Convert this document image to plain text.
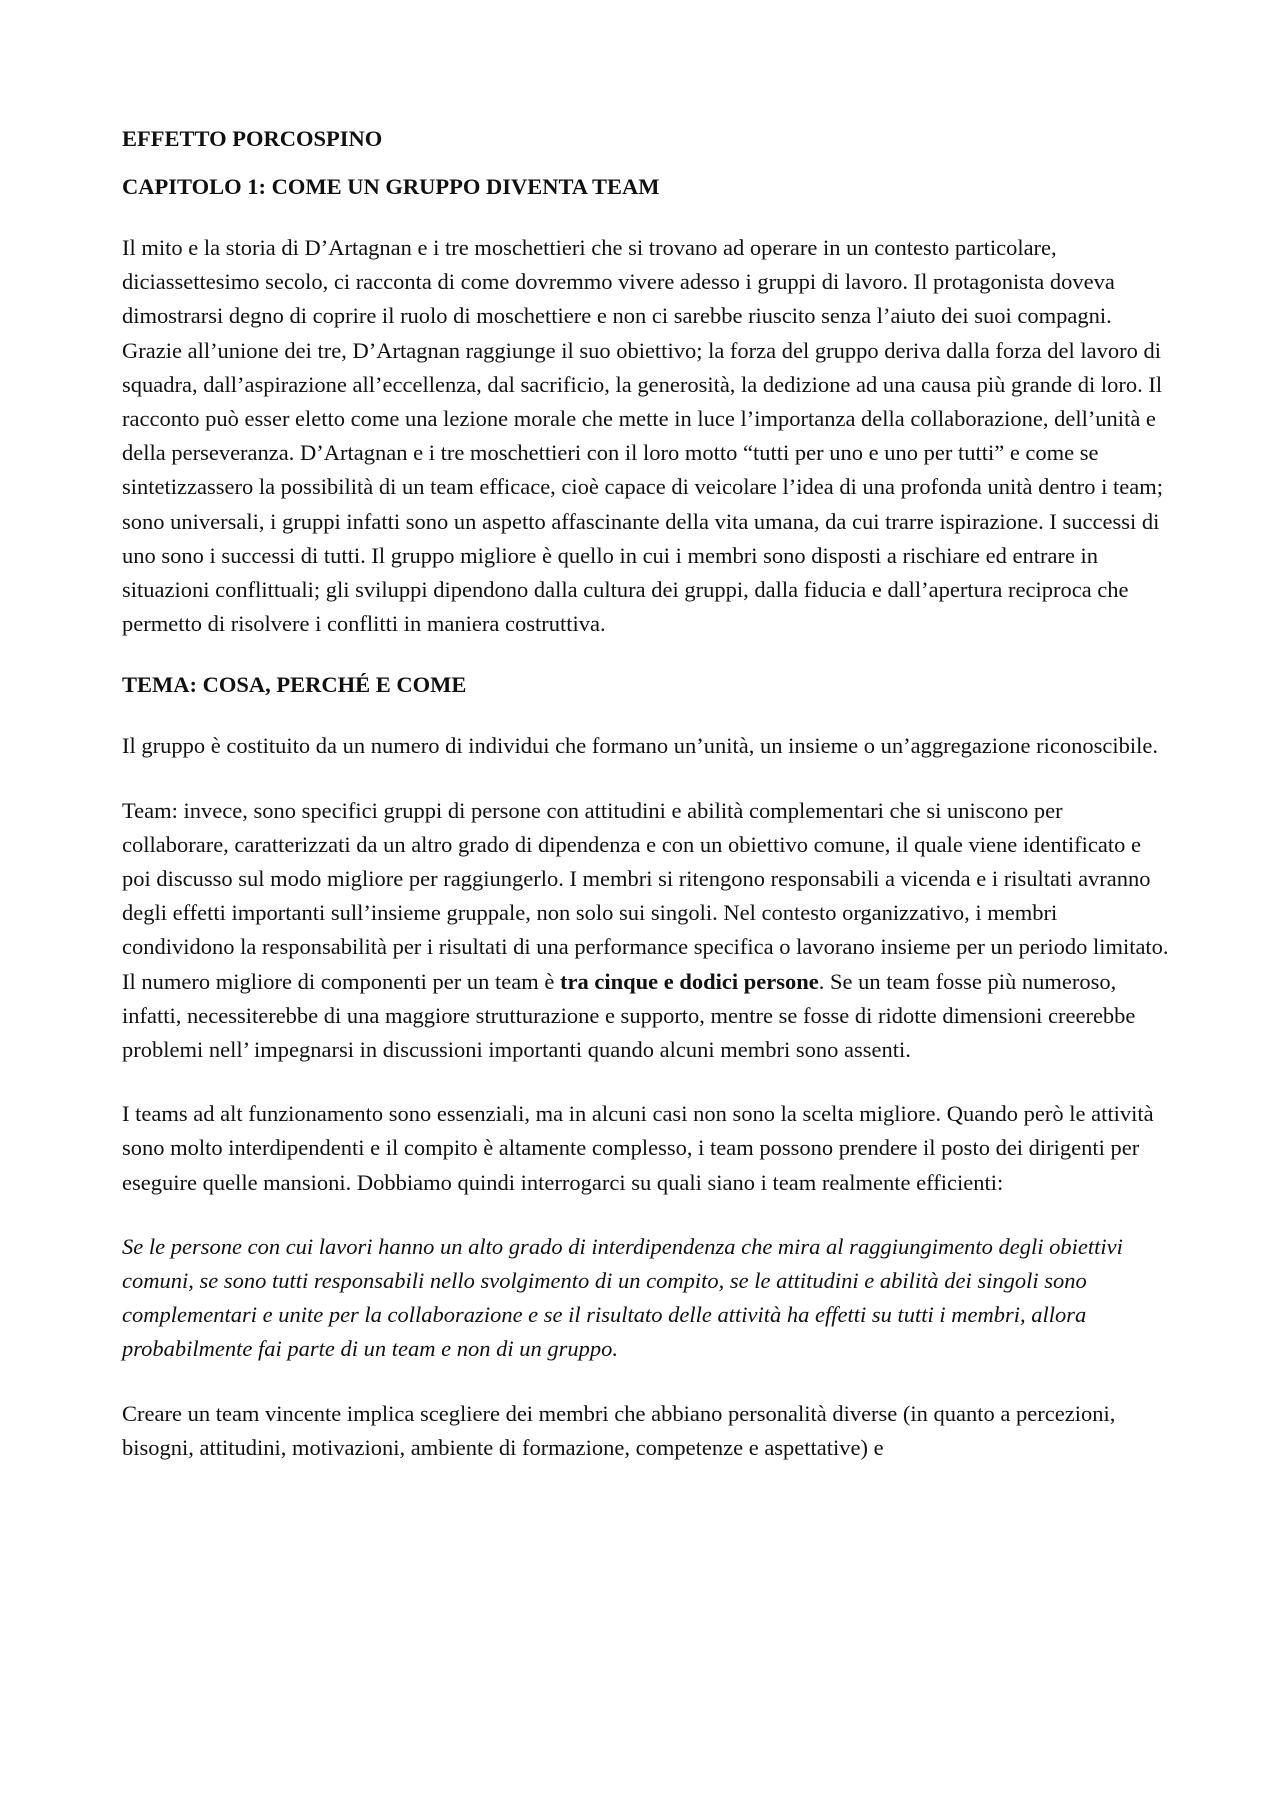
EFFETTO PORCOSPINO

CAPITOLO 1: COME UN GRUPPO DIVENTA TEAM

Il mito e la storia di D’Artagnan e i tre moschettieri che si trovano ad operare in un contesto particolare, diciassettesimo secolo, ci racconta di come dovremmo vivere adesso i gruppi di lavoro. Il protagonista doveva dimostrarsi degno di coprire il ruolo di moschettiere e non ci sarebbe riuscito senza l’aiuto dei suoi compagni. Grazie all’unione dei tre, D’Artagnan raggiunge il suo obiettivo; la forza del gruppo deriva dalla forza del lavoro di squadra, dall’aspirazione all’eccellenza, dal sacrificio, la generosità, la dedizione ad una causa più grande di loro. Il racconto può esser eletto come una lezione morale che mette in luce l’importanza della collaborazione, dell’unità e della perseveranza. D’Artagnan e i tre moschettieri con il loro motto “tutti per uno e uno per tutti” e come se sintetizzassero la possibilità di un team efficace, cioè capace di veicolare l’idea di una profonda unità dentro i team; sono universali, i gruppi infatti sono un aspetto affascinante della vita umana, da cui trarre ispirazione. I successi di uno sono i successi di tutti. Il gruppo migliore è quello in cui i membri sono disposti a rischiare ed entrare in situazioni conflittuali; gli sviluppi dipendono dalla cultura dei gruppi, dalla fiducia e dall’apertura reciproca che permetto di risolvere i conflitti in maniera costruttiva.

TEMA: COSA, PERCHÉ E COME

Il gruppo è costituito da un numero di individui che formano un’unità, un insieme o un’aggregazione riconoscibile.

Team: invece, sono specifici gruppi di persone con attitudini e abilità complementari che si uniscono per collaborare, caratterizzati da un altro grado di dipendenza e con un obiettivo comune, il quale viene identificato e poi discusso sul modo migliore per raggiungerlo. I membri si ritengono responsabili a vicenda e i risultati avranno degli effetti importanti sull’insieme gruppale, non solo sui singoli. Nel contesto organizzativo, i membri condividono la responsabilità per i risultati di una performance specifica o lavorano insieme per un periodo limitato. Il numero migliore di componenti per un team è tra cinque e dodici persone. Se un team fosse più numeroso, infatti, necessiterebbe di una maggiore strutturazione e supporto, mentre se fosse di ridotte dimensioni creerebbe problemi nell’ impegnarsi in discussioni importanti quando alcuni membri sono assenti.

I teams ad alt funzionamento sono essenziali, ma in alcuni casi non sono la scelta migliore. Quando però le attività sono molto interdipendenti e il compito è altamente complesso, i team possono prendere il posto dei dirigenti per eseguire quelle mansioni. Dobbiamo quindi interrogarci su quali siano i team realmente efficienti:

Se le persone con cui lavori hanno un alto grado di interdipendenza che mira al raggiungimento degli obiettivi comuni, se sono tutti responsabili nello svolgimento di un compito, se le attitudini e abilità dei singoli sono complementari e unite per la collaborazione e se il risultato delle attività ha effetti su tutti i membri, allora probabilmente fai parte di un team e non di un gruppo.

Creare un team vincente implica scegliere dei membri che abbiano personalità diverse (in quanto a percezioni, bisogni, attitudini, motivazioni, ambiente di formazione, competenze e aspettative) e
